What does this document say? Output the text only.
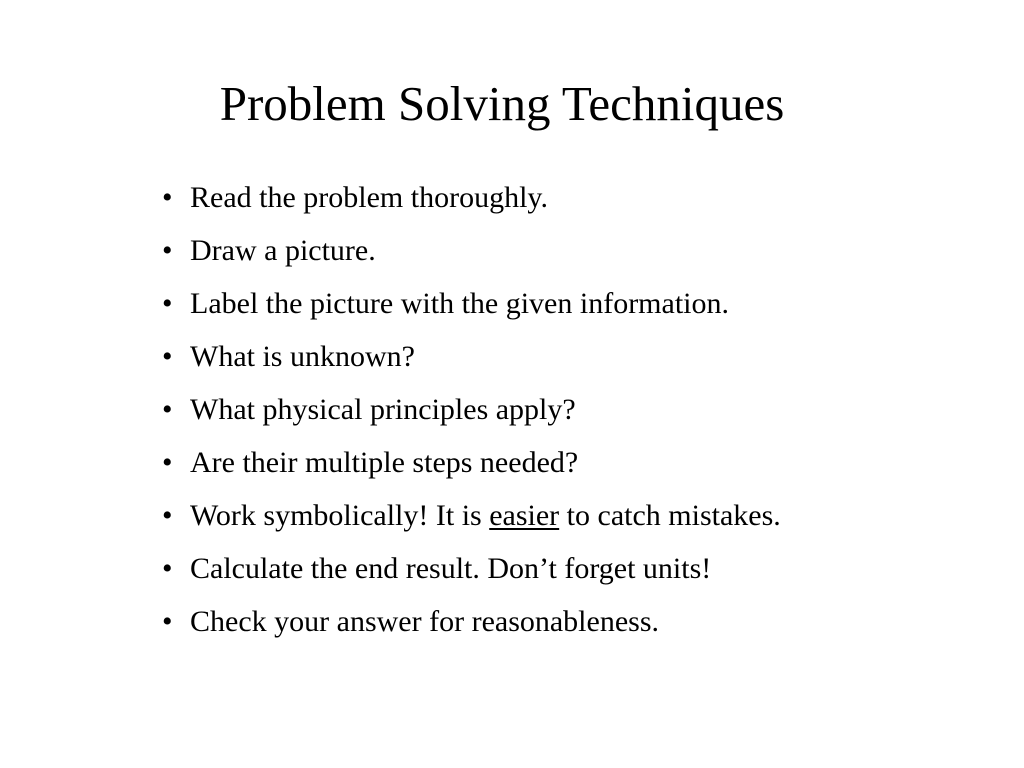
Problem Solving Techniques
• Read the problem thoroughly.
• Draw a picture.
• Label the picture with the given information.
• What is unknown?
• What physical principles apply?
• Are their multiple steps needed?
• Work symbolically! It is easier to catch mistakes.
• Calculate the end result. Don’t forget units!
• Check your answer for reasonableness.
